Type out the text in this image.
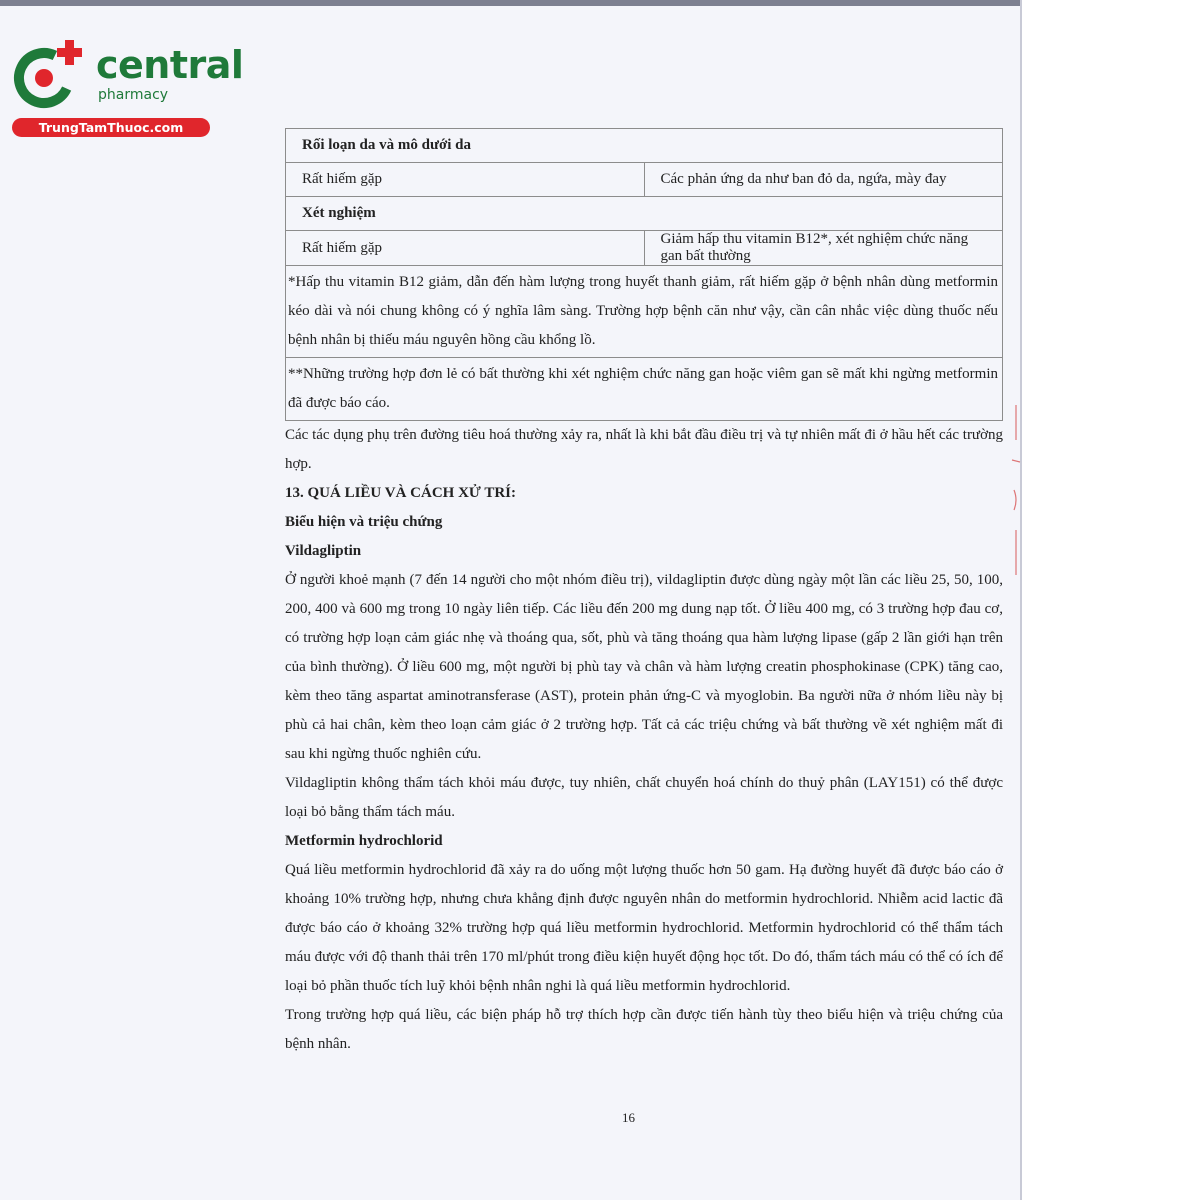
central
pharmacy
TrungTamThuoc.com
Rối loạn da và mô dưới da	
Rất hiếm gặp	Các phản ứng da như ban đỏ da, ngứa, mày đay
Xét nghiệm	
Rất hiếm gặp	Giảm hấp thu vitamin B12*, xét nghiệm chức năng gan bất thường
*Hấp thu vitamin B12 giảm, dẫn đến hàm lượng trong huyết thanh giảm, rất hiếm gặp ở bệnh nhân dùng metformin kéo dài và nói chung không có ý nghĩa lâm sàng. Trường hợp bệnh căn như vậy, cần cân nhắc việc dùng thuốc nếu bệnh nhân bị thiếu máu nguyên hồng cầu khổng lồ.
**Những trường hợp đơn lẻ có bất thường khi xét nghiệm chức năng gan hoặc viêm gan sẽ mất khi ngừng metformin đã được báo cáo.

Các tác dụng phụ trên đường tiêu hoá thường xảy ra, nhất là khi bắt đầu điều trị và tự nhiên mất đi ở hầu hết các trường hợp.

13. QUÁ LIỀU VÀ CÁCH XỬ TRÍ:

Biểu hiện và triệu chứng

Vildagliptin

Ở người khoẻ mạnh (7 đến 14 người cho một nhóm điều trị), vildagliptin được dùng ngày một lần các liều 25, 50, 100, 200, 400 và 600 mg trong 10 ngày liên tiếp. Các liều đến 200 mg dung nạp tốt. Ở liều 400 mg, có 3 trường hợp đau cơ, có trường hợp loạn cảm giác nhẹ và thoáng qua, sốt, phù và tăng thoáng qua hàm lượng lipase (gấp 2 lần giới hạn trên của bình thường). Ở liều 600 mg, một người bị phù tay và chân và hàm lượng creatin phosphokinase (CPK) tăng cao, kèm theo tăng aspartat aminotransferase (AST), protein phản ứng-C và myoglobin. Ba người nữa ở nhóm liều này bị phù cả hai chân, kèm theo loạn cảm giác ở 2 trường hợp. Tất cả các triệu chứng và bất thường về xét nghiệm mất đi sau khi ngừng thuốc nghiên cứu.

Vildagliptin không thẩm tách khỏi máu được, tuy nhiên, chất chuyển hoá chính do thuỷ phân (LAY151) có thể được loại bỏ bằng thẩm tách máu.

Metformin hydrochlorid

Quá liều metformin hydrochlorid đã xảy ra do uống một lượng thuốc hơn 50 gam. Hạ đường huyết đã được báo cáo ở khoảng 10% trường hợp, nhưng chưa khẳng định được nguyên nhân do metformin hydrochlorid. Nhiễm acid lactic đã được báo cáo ở khoảng 32% trường hợp quá liều metformin hydrochlorid. Metformin hydrochlorid có thể thẩm tách máu được với độ thanh thải trên 170 ml/phút trong điều kiện huyết động học tốt. Do đó, thẩm tách máu có thể có ích để loại bỏ phần thuốc tích luỹ khỏi bệnh nhân nghi là quá liều metformin hydrochlorid.

Trong trường hợp quá liều, các biện pháp hỗ trợ thích hợp cần được tiến hành tùy theo biểu hiện và triệu chứng của bệnh nhân.

16
